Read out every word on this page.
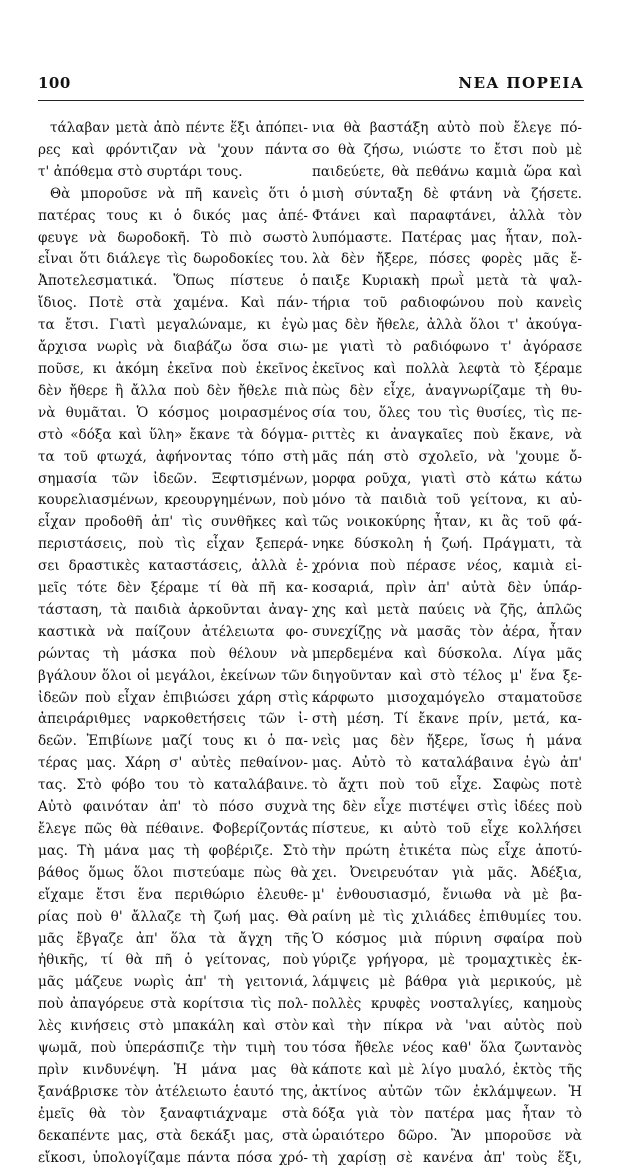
100	ΝΕΑ ΠΟΡΕΙΑ
τάλαβαν μετὰ ἀπὸ πέντε ἕξι ἀπόπει-
ρες καὶ φρόντιζαν νὰ 'χουν πάντα
τ' ἀπόθεμα στὸ συρτάρι τους.
Θὰ μποροῦσε νὰ πῆ κανεὶς ὅτι ὁ
πατέρας τους κι ὁ δικός μας ἀπέ-
φευγε νὰ δωροδοκῆ. Τὸ πιὸ σωστὸ
εἶναι ὅτι διάλεγε τὶς δωροδοκίες του.
Ἀποτελεσματικά. Ὅπως πίστευε ὁ
ἴδιος. Ποτὲ στὰ χαμένα. Καὶ πάν-
τα ἔτσι. Γιατὶ μεγαλώναμε, κι ἐγὼ
ἄρχισα νωρὶς νὰ διαβάζω ὅσα σιω-
ποῦσε, κι ἀκόμη ἐκεῖνα ποὺ ἐκεῖνος
δὲν ἤθερε ἢ ἄλλα ποὺ δὲν ἤθελε πιὰ
νὰ θυμᾶται. Ὁ κόσμος μοιρασμένος
στὸ «δόξα καὶ ὕλη» ἔκανε τὰ δόγμα-
τα τοῦ φτωχά, ἀφήνοντας τόπο στὴ
σημασία τῶν ἰδεῶν. Ξεφτισμένων,
κουρελιασμένων, κρεουργημένων, ποὺ
εἶχαν προδοθῆ ἀπ' τὶς συνθῆκες καὶ
περιστάσεις, ποὺ τὶς εἶχαν ξεπερά-
σει δραστικὲς καταστάσεις, ἀλλὰ ἐ-
μεῖς τότε δὲν ξέραμε τί θὰ πῆ κα-
τάσταση, τὰ παιδιὰ ἀρκοῦνται ἀναγ-
καστικὰ νὰ παίζουν ἀτέλειωτα φο-
ρώντας τὴ μάσκα ποὺ θέλουν νὰ
βγάλουν ὅλοι οἱ μεγάλοι, ἐκείνων τῶν
ἰδεῶν ποὺ εἶχαν ἐπιβιώσει χάρη στὶς
ἀπειράριθμες ναρκοθετήσεις τῶν ἰ-
δεῶν. Ἐπιβίωνε μαζί τους κι ὁ πα-
τέρας μας. Χάρη σ' αὐτὲς πεθαίνον-
τας. Στὸ φόβο του τὸ καταλάβαινε.
Αὐτὸ φαινόταν ἀπ' τὸ πόσο συχνὰ
ἔλεγε πῶς θὰ πέθαινε. Φοβερίζοντάς
μας. Τὴ μάνα μας τὴ φοβέριζε. Στὸ
βάθος ὅμως ὅλοι πιστεύαμε πὼς θὰ
εἴχαμε ἔτσι ἕνα περιθώριο ἐλευθε-
ρίας ποὺ θ' ἄλλαζε τὴ ζωή μας. Θὰ
μᾶς ἔβγαζε ἀπ' ὅλα τὰ ἄγχη τῆς
ἠθικῆς, τί θὰ πῆ ὁ γείτονας, ποὺ
μᾶς μάζευε νωρὶς ἀπ' τὴ γειτονιά,
ποὺ ἀπαγόρευε στὰ κορίτσια τὶς πολ-
λὲς κινήσεις στὸ μπακάλη καὶ στὸν
ψωμᾶ, ποὺ ὑπεράσπιζε τὴν τιμὴ του
πρὶν κινδυνέψη. Ἡ μάνα μας θὰ
ξανάβρισκε τὸν ἀτέλειωτο ἑαυτό της,
ἐμεῖς θὰ τὸν ξαναφτιάχναμε στὰ
δεκαπέντε μας, στὰ δεκάξι μας, στὰ
εἴκοσι, ὑπολογίζαμε πάντα πόσα χρό-
νια θὰ βαστάξη αὐτὸ ποὺ ἔλεγε πό-
σο θὰ ζήσω, νιώστε το ἔτσι ποὺ μὲ
παιδεύετε, θὰ πεθάνω καμιὰ ὥρα καὶ
μισὴ σύνταξη δὲ φτάνη νὰ ζήσετε.
Φτάνει καὶ παραφτάνει, ἀλλὰ τὸν
λυπόμαστε. Πατέρας μας ἦταν, πολ-
λὰ δὲν ἤξερε, πόσες φορὲς μᾶς ἔ-
παιξε Κυριακὴ πρωῒ μετὰ τὰ ψαλ-
τήρια τοῦ ραδιοφώνου ποὺ κανεὶς
μας δὲν ἤθελε, ἀλλὰ ὅλοι τ' ἀκούγα-
με γιατὶ τὸ ραδιόφωνο τ' ἀγόρασε
ἐκεῖνος καὶ πολλὰ λεφτὰ τὸ ξέραμε
πὼς δὲν εἶχε, ἀναγνωρίζαμε τὴ θυ-
σία του, ὅλες του τὶς θυσίες, τὶς πε-
ριττὲς κι ἀναγκαῖες ποὺ ἔκανε, νὰ
μᾶς πάη στὸ σχολεῖο, νὰ 'χουμε ὄ-
μορφα ροῦχα, γιατὶ στὸ κάτω κάτω
μόνο τὰ παιδιὰ τοῦ γείτονα, κι αὐ-
τῶς νοικοκύρης ἦταν, κι ἂς τοῦ φά-
νηκε δύσκολη ἡ ζωή. Πράγματι, τὰ
χρόνια ποὺ πέρασε νέος, καμιὰ εἰ-
κοσαριά, πρὶν ἀπ' αὐτὰ δὲν ὑπάρ-
χης καὶ μετὰ παύεις νὰ ζῆς, ἁπλῶς
συνεχίζῃς νὰ μασᾶς τὸν ἀέρα, ἦταν
μπερδεμένα καὶ δύσκολα. Λίγα μᾶς
διηγοῦνταν καὶ στὸ τέλος μ' ἕνα ξε-
κάρφωτο μισοχαμόγελο σταματοῦσε
στὴ μέση. Τί ἔκανε πρίν, μετά, κα-
νεὶς μας δὲν ἤξερε, ἴσως ἡ μάνα
μας. Αὐτὸ τὸ καταλάβαινα ἐγὼ ἀπ'
τὸ ἄχτι ποὺ τοῦ εἶχε. Σαφὼς ποτὲ
της δὲν εἶχε πιστέψει στὶς ἰδέες ποὺ
πίστευε, κι αὐτὸ τοῦ εἶχε κολλήσει
τὴν πρώτη ἐτικέτα πὼς εἶχε ἀποτύ-
χει. Ὀνειρευόταν γιὰ μᾶς. Ἀδέξια,
μ' ἐνθουσιασμό, ἔνιωθα νὰ μὲ βα-
ραίνη μὲ τὶς χιλιάδες ἐπιθυμίες του.
Ὁ κόσμος μιὰ πύρινη σφαίρα ποὺ
γύριζε γρήγορα, μὲ τρομαχτικὲς ἐκ-
λάμψεις μὲ βάθρα γιὰ μερικούς, μὲ
πολλὲς κρυφὲς νοσταλγίες, καημοὺς
καὶ τὴν πίκρα νὰ 'ναι αὐτὸς ποὺ
τόσα ἤθελε νέος καθ' ὅλα ζωντανὸς
κάποτε καὶ μὲ λίγο μυαλό, ἐκτὸς τῆς
ἀκτίνος αὐτῶν τῶν ἐκλάμψεων. Ἡ
δόξα γιὰ τὸν πατέρα μας ἦταν τὸ
ὡραιότερο δῶρο. Ἂν μποροῦσε νὰ
τὴ χαρίσῃ σὲ κανένα ἀπ' τοὺς ἕξι,
